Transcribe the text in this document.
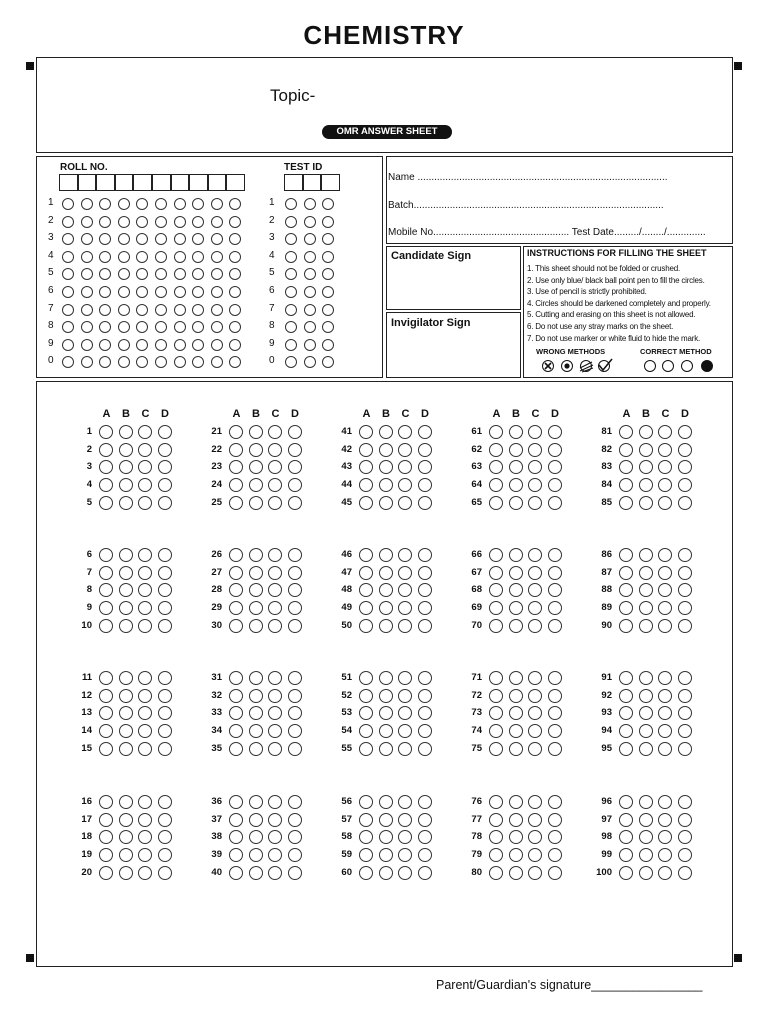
CHEMISTRY
Topic-
OMR ANSWER SHEET
ROLL NO.	TEST ID
1	1
2	2
3	3
4	4
5	5
6	6
7	7
8	8
9	9
0	0
Name ..........................................................................................
Batch..........................................................................................
Mobile No................................................. Test Date........./......../..............
Candidate Sign
Invigilator Sign
INSTRUCTIONS FOR FILLING THE SHEET
1. This sheet should not be folded or crushed.
2. Use only blue/ black ball point pen to fill the circles.
3. Use of pencil is strictly prohibited.
4. Circles should be darkened completely and properly.
5. Cutting and erasing on this sheet is not allowed.
6. Do not use any stray marks on the sheet.
7. Do not use marker or white fluid to hide the mark.
WRONG METHODS	CORRECT METHOD
A	B	C	D
1
2
3
4
5
6
7
8
9
10
11
12
13
14
15
16
17
18
19
20
A	B	C	D
21
22
23
24
25
26
27
28
29
30
31
32
33
34
35
36
37
38
39
40
A	B	C	D
41
42
43
44
45
46
47
48
49
50
51
52
53
54
55
56
57
58
59
60
A	B	C	D
61
62
63
64
65
66
67
68
69
70
71
72
73
74
75
76
77
78
79
80
A	B	C	D
81
82
83
84
85
86
87
88
89
90
91
92
93
94
95
96
97
98
99
100
Parent/Guardian's signature________________
